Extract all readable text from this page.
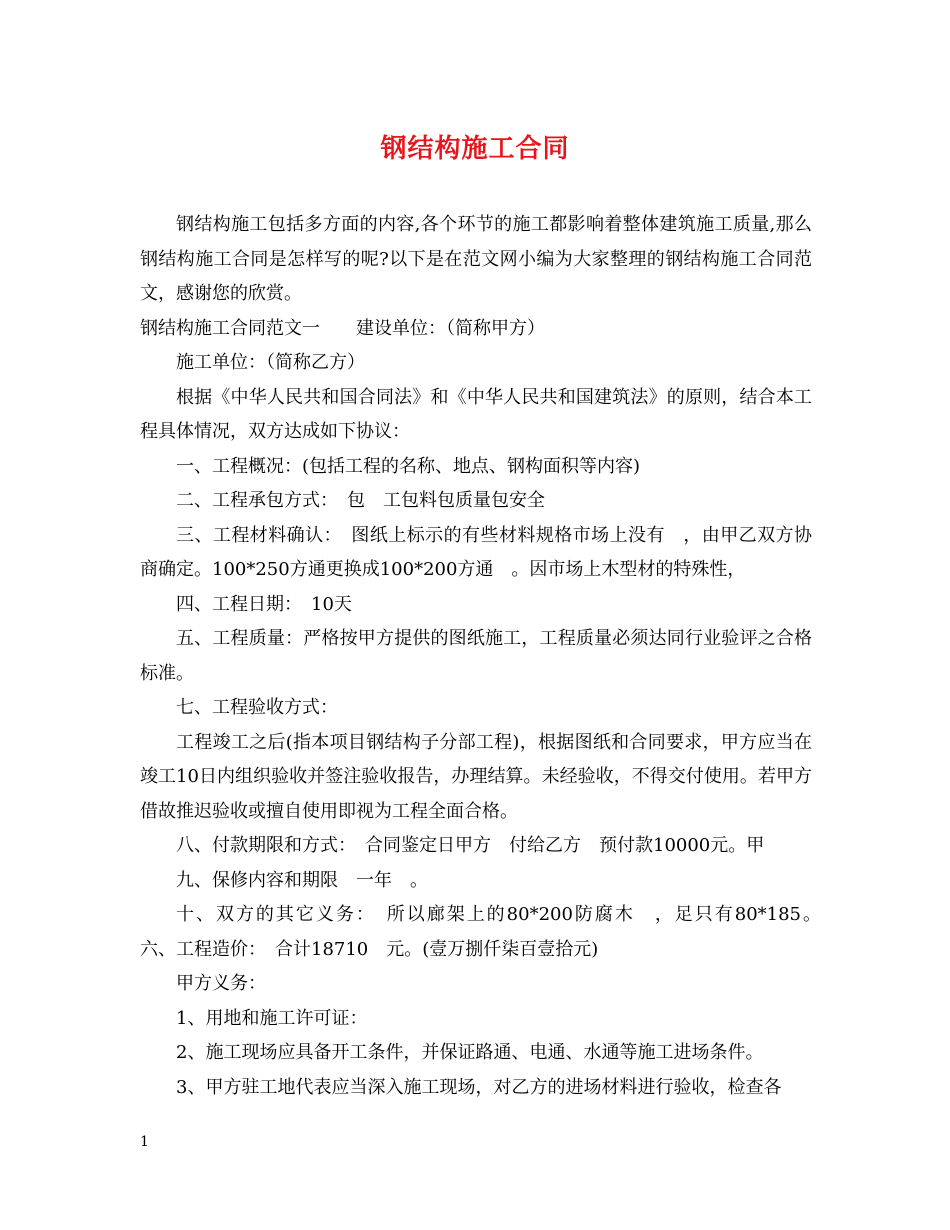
钢结构施工合同

钢结构施工包括多方面的内容,各个环节的施工都影响着整体建筑施工质量,那么钢结构施工合同是怎样写的呢?以下是在范文网小编为大家整理的钢结构施工合同范文，感谢您的欣赏。

钢结构施工合同范文一　　建设单位：（简称甲方）

施工单位：（简称乙方）

根据《中华人民共和国合同法》和《中华人民共和国建筑法》的原则，结合本工程具体情况，双方达成如下协议：

一、工程概况：(包括工程的名称、地点、钢构面积等内容)

二、工程承包方式：　包　工包料包质量包安全

三、工程材料确认：　图纸上标示的有些材料规格市场上没有　，由甲乙双方协商确定。100*250方通更换成100*200方通　。因市场上木型材的特殊性，

四、工程日期：　10天

五、工程质量：严格按甲方提供的图纸施工，工程质量必须达同行业验评之合格标准。

七、工程验收方式：

工程竣工之后(指本项目钢结构子分部工程)，根据图纸和合同要求，甲方应当在竣工10日内组织验收并签注验收报告，办理结算。未经验收，不得交付使用。若甲方借故推迟验收或擅自使用即视为工程全面合格。

八、付款期限和方式：　合同鉴定日甲方　付给乙方　预付款10000元。甲

九、保修内容和期限　一年　。

十、双方的其它义务：　所以廊架上的80*200防腐木　，足只有80*185。　六、工程造价：　合计18710　元。(壹万捌仟柒百壹拾元)

甲方义务：

1、用地和施工许可证：

2、施工现场应具备开工条件，并保证路通、电通、水通等施工进场条件。

3、甲方驻工地代表应当深入施工现场，对乙方的进场材料进行验收，检查各

1
